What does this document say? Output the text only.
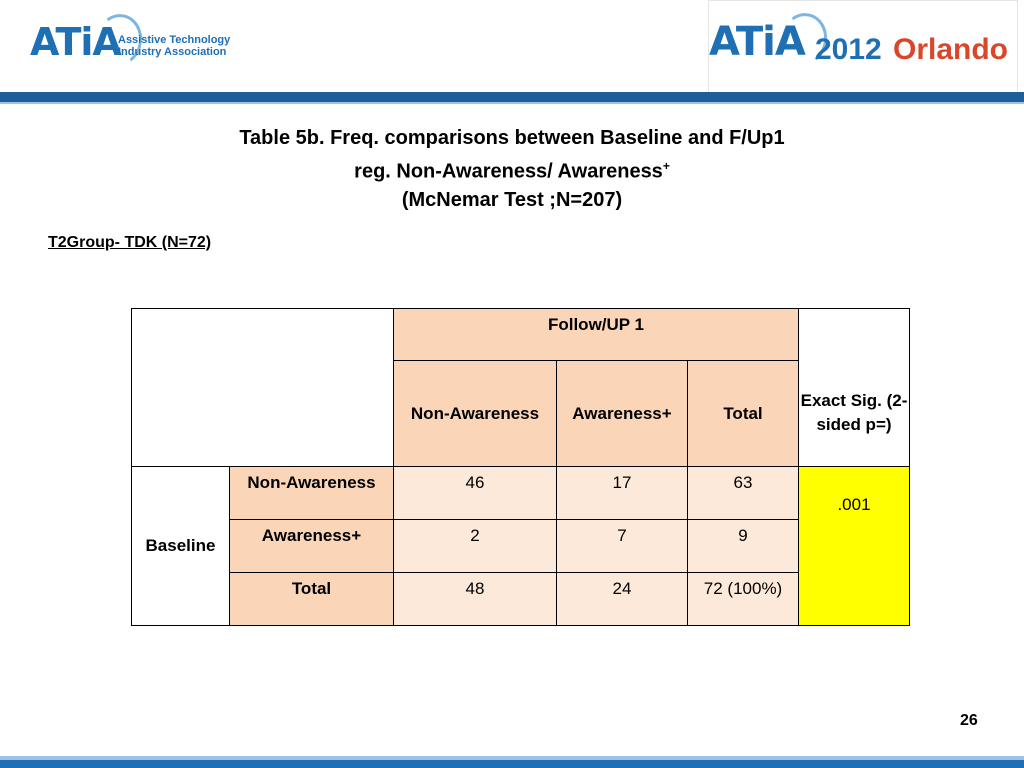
ATiA
Assistive Technology
Industry Association	ATiA 2012 Orlando
Table 5b. Freq. comparisons between Baseline and F/Up1
reg. Non-Awareness/ Awareness+
(McNemar Test ;N=207)
T2Group- TDK (N=72)
		Follow/UP 1			
		Non-Awareness	Awareness+	Total	Exact Sig. (2-sided p=)
Baseline	Non-Awareness	46	17	63	.001
	Awareness+	2	7	9	
	Total	48	24	72 (100%)	
26
